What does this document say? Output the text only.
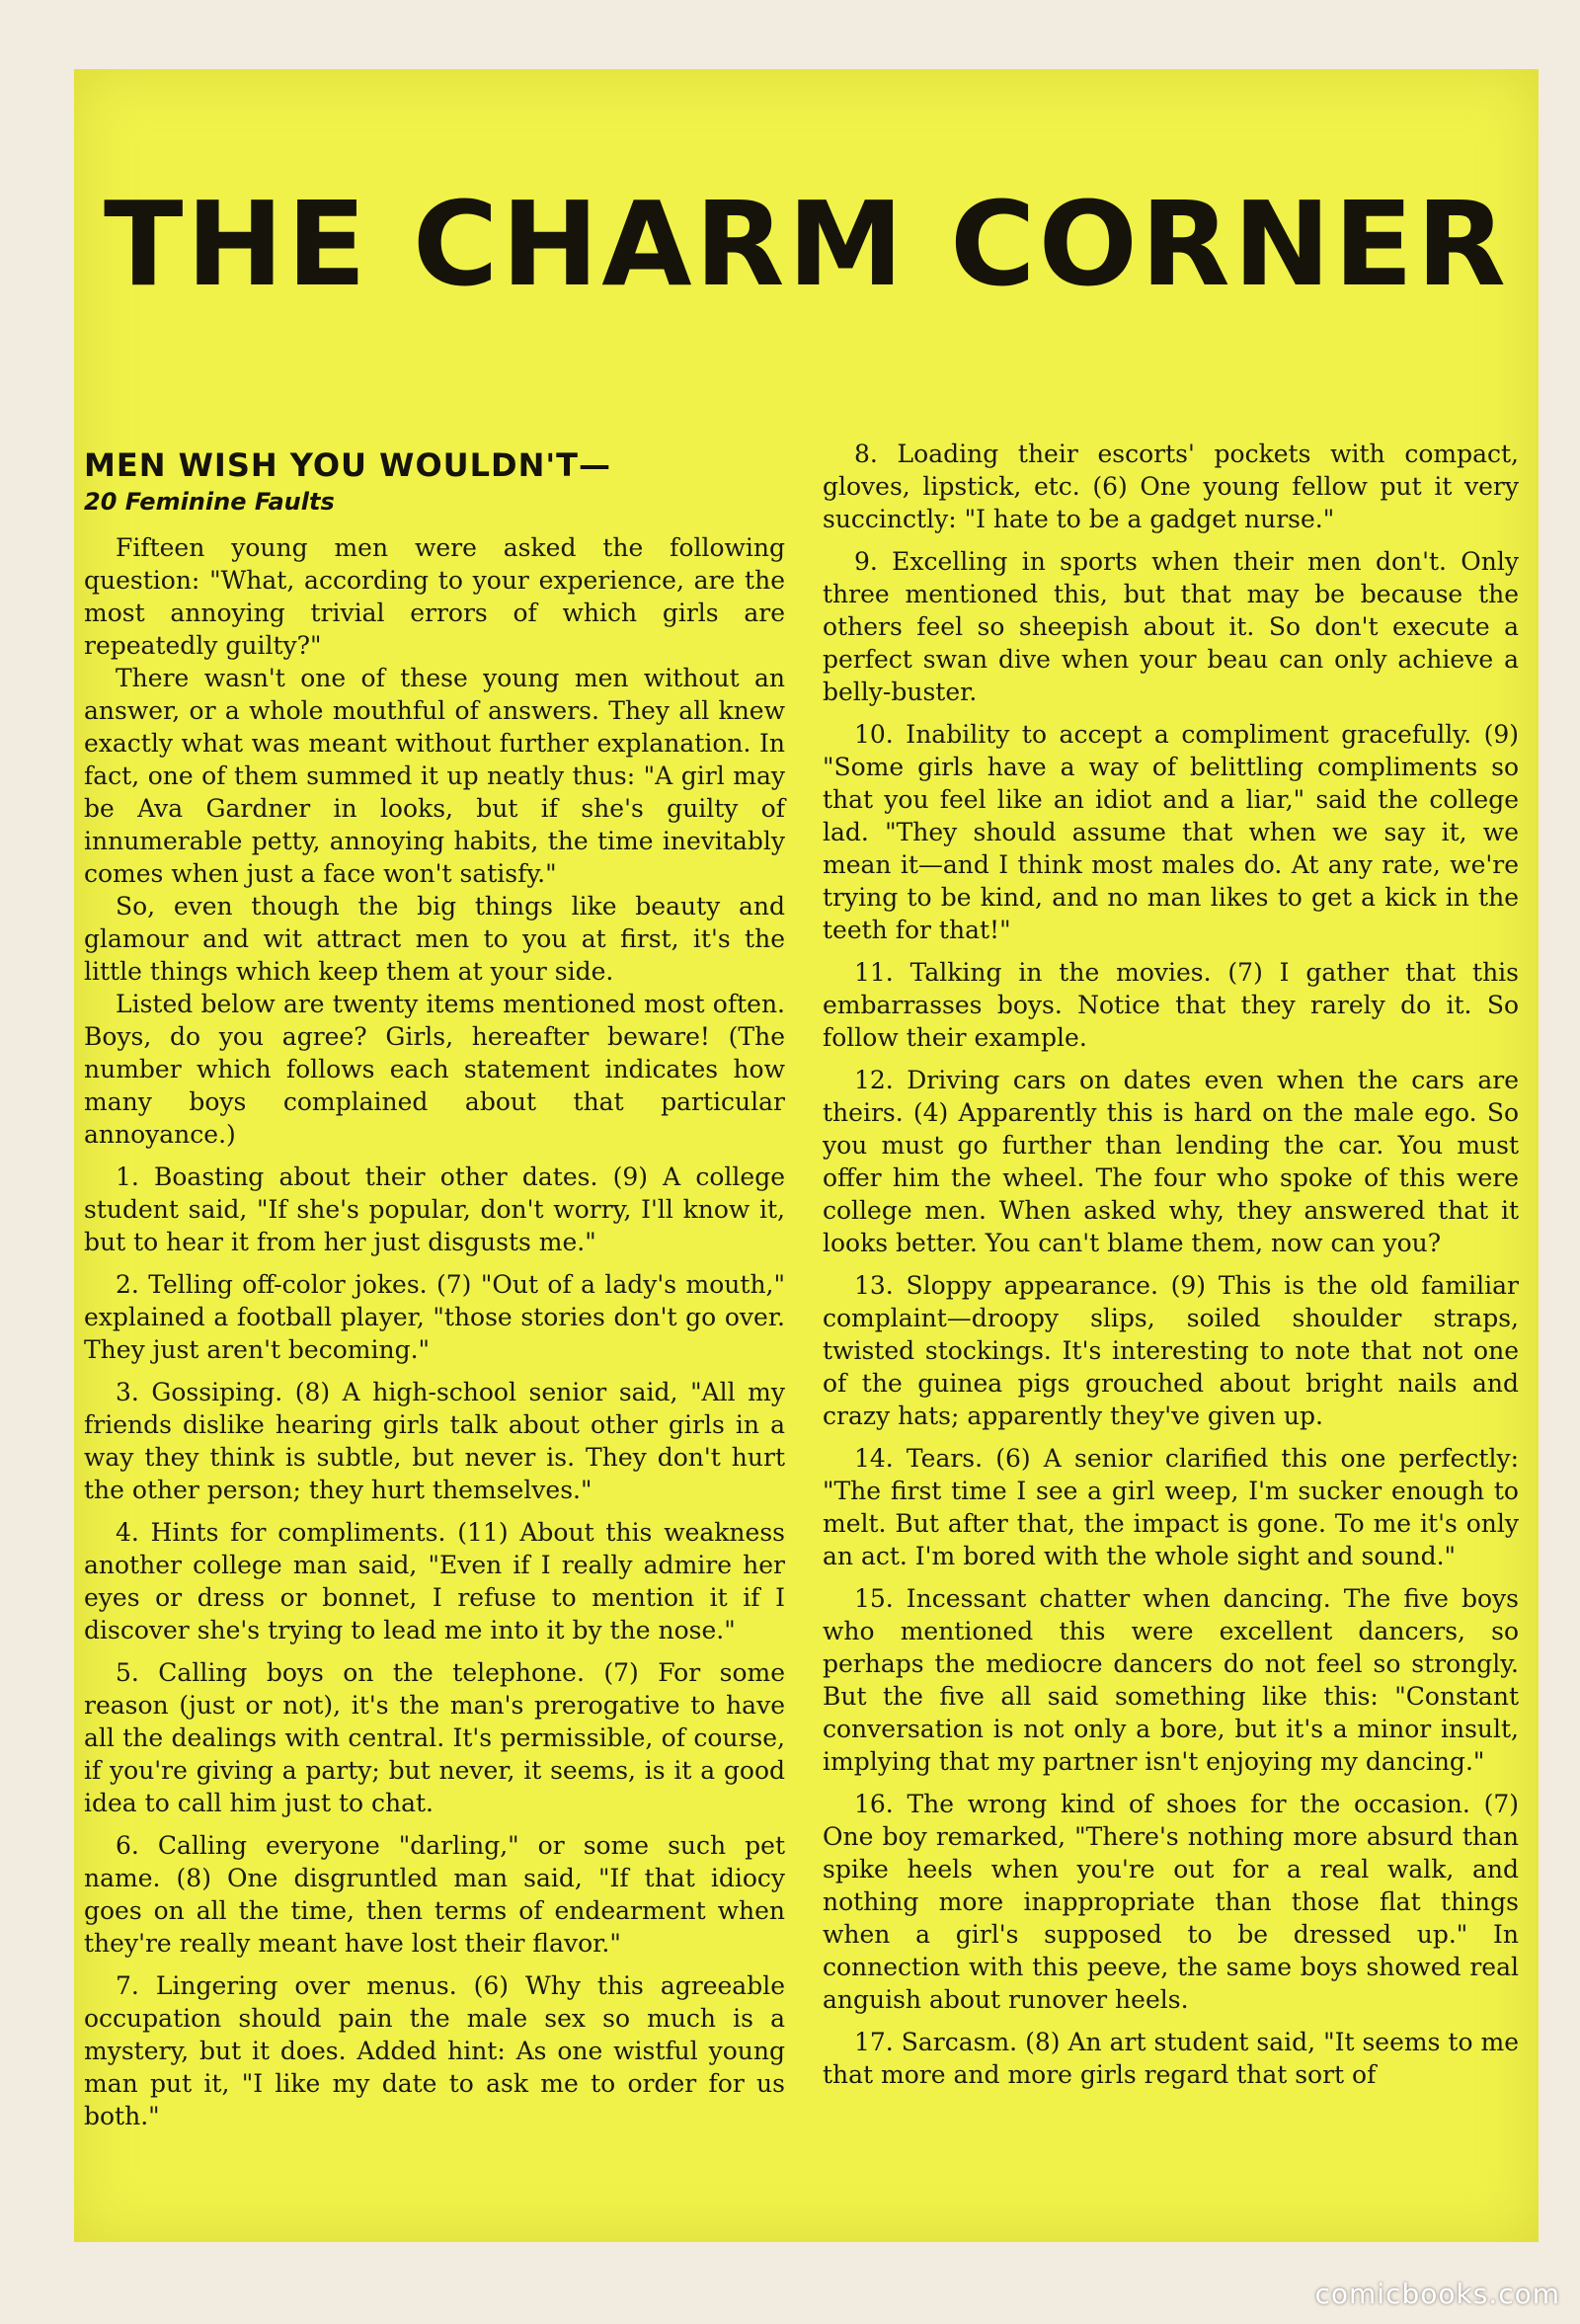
THE CHARM CORNER
MEN WISH YOU WOULDN'T—
20 Feminine Faults

Fifteen young men were asked the following question: "What, according to your experience, are the most annoying trivial errors of which girls are repeatedly guilty?"

There wasn't one of these young men without an answer, or a whole mouthful of answers. They all knew exactly what was meant without further explanation. In fact, one of them summed it up neatly thus: "A girl may be Ava Gardner in looks, but if she's guilty of innumerable petty, annoying habits, the time inevitably comes when just a face won't satisfy."

So, even though the big things like beauty and glamour and wit attract men to you at first, it's the little things which keep them at your side.

Listed below are twenty items mentioned most often. Boys, do you agree? Girls, hereafter beware! (The number which follows each statement indicates how many boys complained about that particular annoyance.)

1. Boasting about their other dates. (9) A college student said, "If she's popular, don't worry, I'll know it, but to hear it from her just disgusts me."

2. Telling off-color jokes. (7) "Out of a lady's mouth," explained a football player, "those stories don't go over. They just aren't becoming."

3. Gossiping. (8) A high-school senior said, "All my friends dislike hearing girls talk about other girls in a way they think is subtle, but never is. They don't hurt the other person; they hurt themselves."

4. Hints for compliments. (11) About this weakness another college man said, "Even if I really admire her eyes or dress or bonnet, I refuse to mention it if I discover she's trying to lead me into it by the nose."

5. Calling boys on the telephone. (7) For some reason (just or not), it's the man's prerogative to have all the dealings with central. It's permissible, of course, if you're giving a party; but never, it seems, is it a good idea to call him just to chat.

6. Calling everyone "darling," or some such pet name. (8) One disgruntled man said, "If that idiocy goes on all the time, then terms of endearment when they're really meant have lost their flavor."

7. Lingering over menus. (6) Why this agreeable occupation should pain the male sex so much is a mystery, but it does. Added hint: As one wistful young man put it, "I like my date to ask me to order for us both."

8. Loading their escorts' pockets with compact, gloves, lipstick, etc. (6) One young fellow put it very succinctly: "I hate to be a gadget nurse."

9. Excelling in sports when their men don't. Only three mentioned this, but that may be because the others feel so sheepish about it. So don't execute a perfect swan dive when your beau can only achieve a belly-buster.

10. Inability to accept a compliment gracefully. (9) "Some girls have a way of belittling compliments so that you feel like an idiot and a liar," said the college lad. "They should assume that when we say it, we mean it—and I think most males do. At any rate, we're trying to be kind, and no man likes to get a kick in the teeth for that!"

11. Talking in the movies. (7) I gather that this embarrasses boys. Notice that they rarely do it. So follow their example.

12. Driving cars on dates even when the cars are theirs. (4) Apparently this is hard on the male ego. So you must go further than lending the car. You must offer him the wheel. The four who spoke of this were college men. When asked why, they answered that it looks better. You can't blame them, now can you?

13. Sloppy appearance. (9) This is the old familiar complaint—droopy slips, soiled shoulder straps, twisted stockings. It's interesting to note that not one of the guinea pigs grouched about bright nails and crazy hats; apparently they've given up.

14. Tears. (6) A senior clarified this one perfectly: "The first time I see a girl weep, I'm sucker enough to melt. But after that, the impact is gone. To me it's only an act. I'm bored with the whole sight and sound."

15. Incessant chatter when dancing. The five boys who mentioned this were excellent dancers, so perhaps the mediocre dancers do not feel so strongly. But the five all said something like this: "Constant conversation is not only a bore, but it's a minor insult, implying that my partner isn't enjoying my dancing."

16. The wrong kind of shoes for the occasion. (7) One boy remarked, "There's nothing more absurd than spike heels when you're out for a real walk, and nothing more inappropriate than those flat things when a girl's supposed to be dressed up." In connection with this peeve, the same boys showed real anguish about runover heels.

17. Sarcasm. (8) An art student said, "It seems to me that more and more girls regard that sort of

comicbooks.com
